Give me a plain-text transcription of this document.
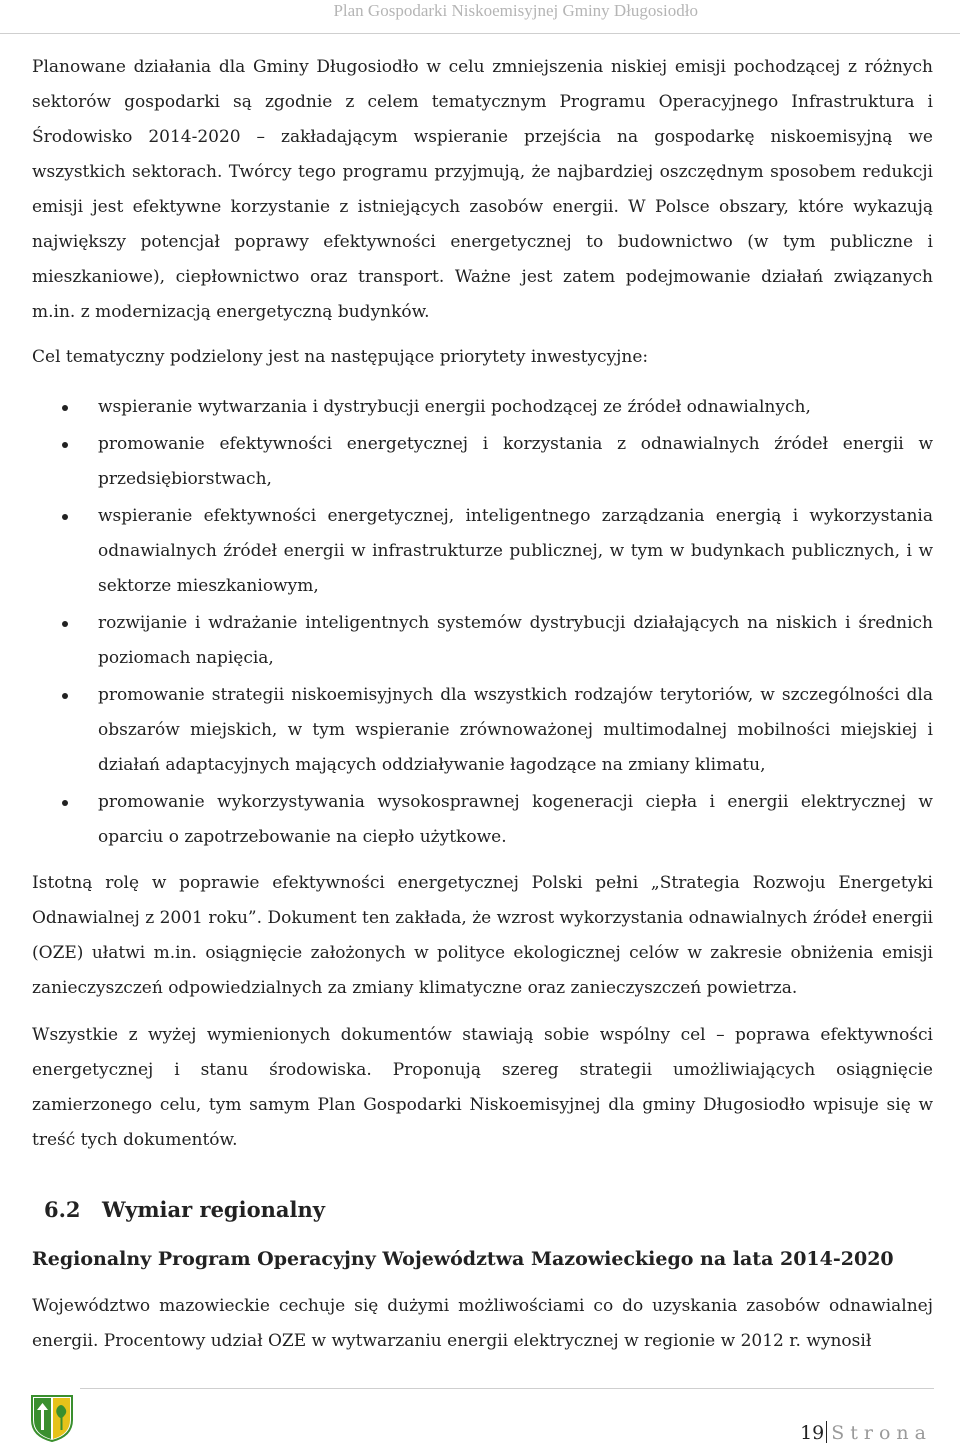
Plan Gospodarki Niskoemisyjnej Gminy Długosiodło

Planowane działania dla Gminy Długosiodło w celu zmniejszenia niskiej emisji pochodzącej z różnych sektorów gospodarki są zgodnie z celem tematycznym Programu Operacyjnego Infrastruktura i Środowisko 2014-2020 – zakładającym wspieranie przejścia na gospodarkę niskoemisyjną we wszystkich sektorach. Twórcy tego programu przyjmują, że najbardziej oszczędnym sposobem redukcji emisji jest efektywne korzystanie z istniejących zasobów energii. W Polsce obszary, które wykazują największy potencjał poprawy efektywności energetycznej to budownictwo (w tym publiczne i mieszkaniowe), ciepłownictwo oraz transport. Ważne jest zatem podejmowanie działań związanych m.in. z modernizacją energetyczną budynków.

Cel tematyczny podzielony jest na następujące priorytety inwestycyjne:

wspieranie wytwarzania i dystrybucji energii pochodzącej ze źródeł odnawialnych,
promowanie efektywności energetycznej i korzystania z odnawialnych źródeł energii w przedsiębiorstwach,
wspieranie efektywności energetycznej, inteligentnego zarządzania energią i wykorzystania odnawialnych źródeł energii w infrastrukturze publicznej, w tym w budynkach publicznych, i w sektorze mieszkaniowym,
rozwijanie i wdrażanie inteligentnych systemów dystrybucji działających na niskich i średnich poziomach napięcia,
promowanie strategii niskoemisyjnych dla wszystkich rodzajów terytoriów, w szczególności dla obszarów miejskich, w tym wspieranie zrównoważonej multimodalnej mobilności miejskiej i działań adaptacyjnych mających oddziaływanie łagodzące na zmiany klimatu,
promowanie wykorzystywania wysokosprawnej kogeneracji ciepła i energii elektrycznej w oparciu o zapotrzebowanie na ciepło użytkowe.

Istotną rolę w poprawie efektywności energetycznej Polski pełni „Strategia Rozwoju Energetyki Odnawialnej z 2001 roku”. Dokument ten zakłada, że wzrost wykorzystania odnawialnych źródeł energii (OZE) ułatwi m.in. osiągnięcie założonych w polityce ekologicznej celów w zakresie obniżenia emisji zanieczyszczeń odpowiedzialnych za zmiany klimatyczne oraz zanieczyszczeń powietrza.

Wszystkie z wyżej wymienionych dokumentów stawiają sobie wspólny cel – poprawa efektywności energetycznej i stanu środowiska. Proponują szereg strategii umożliwiających osiągnięcie zamierzonego celu, tym samym Plan Gospodarki Niskoemisyjnej dla gminy Długosiodło wpisuje się w treść tych dokumentów.

6.2 Wymiar regionalny
Regionalny Program Operacyjny Województwa Mazowieckiego na lata 2014-2020

Województwo mazowieckie cechuje się dużymi możliwościami co do uzyskania zasobów odnawialnej energii. Procentowy udział OZE w wytwarzaniu energii elektrycznej w regionie w 2012 r. wynosił

19 Strona
